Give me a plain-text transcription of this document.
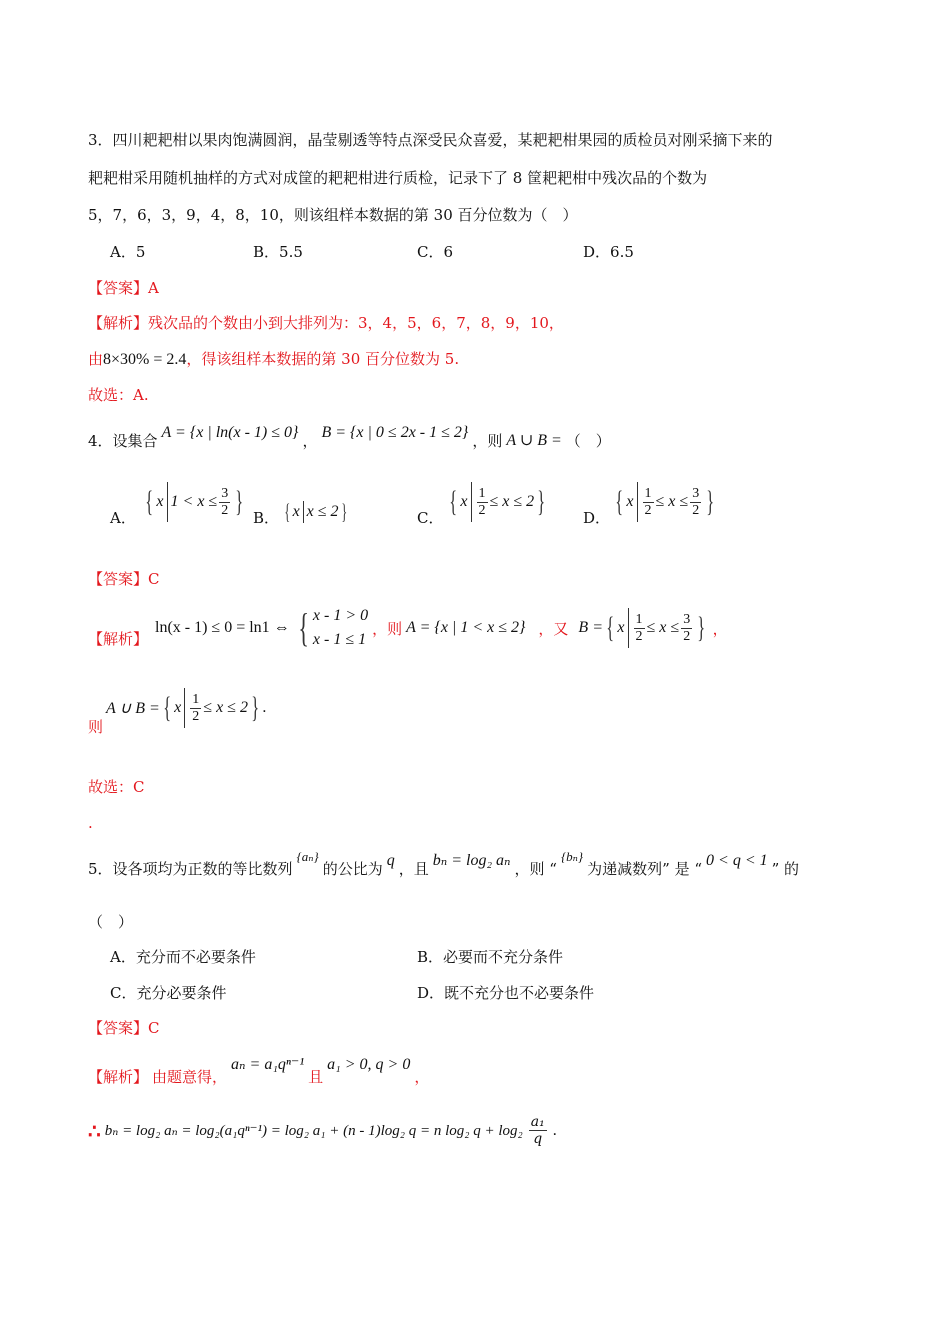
3．四川耙耙柑以果肉饱满圆润，晶莹剔透等特点深受民众喜爱，某耙耙柑果园的质检员对刚采摘下来的
耙耙柑采用随机抽样的方式对成筐的耙耙柑进行质检，记录下了 8 筐耙耙柑中残次品的个数为
5，7，6，3，9，4，8，10，则该组样本数据的第 30 百分位数为（　）
A．5	B．5.5	C．6	D．6.5
【答案】A
【解析】残次品的个数由小到大排列为：3，4，5，6，7，8，9，10，
由8×30% = 2.4，得该组样本数据的第 30 百分位数为 5.
故选：A.
4．设集合 A = {x | ln(x - 1) ≤ 0} ， B = {x | 0 ≤ 2x - 1 ≤ 2} ，则 A ∪ B = （　）
A． { x $1 < x \le \frac{3}{2}$ } B． { x x ≤ 2 }	C． { x $\frac{1}{2} \le x \le 2$ }	D． { x $\frac{1}{2} \le x \le \frac{3}{2}$ }
【答案】C
【解析】
ln(x - 1) ≤ 0 = ln1 ⇔ { x - 1 > 0
x - 1 ≤ 1
，则 A = {x | 1 < x ≤ 2} ，又 B = { x $\frac{1}{2} \le x \le \frac{3}{2}$ } ，
则
A ∪ B = { x $\frac{1}{2} \le x \le 2$ } .
故选：C
.
5．设各项均为正数的等比数列
{aₙ}
的公比为 q ，且 bₙ = log₂ aₙ ，则 “
{bₙ}
为递减数列” 是 “ 0 < q < 1 ” 的
（　）
A．充分而不必要条件	B．必要而不充分条件
C．充分必要条件	D．既不充分也不必要条件
【答案】C
【解析】 由题意得，
aₙ = a₁qⁿ⁻¹
且
a₁ > 0, q > 0
，
∴ bₙ = log₂ aₙ = log₂(a₁qⁿ⁻¹) = log₂ a₁ + (n - 1)log₂ q = n log₂ $q + \log_2 \frac{\text{a₁}}{q}$ .
